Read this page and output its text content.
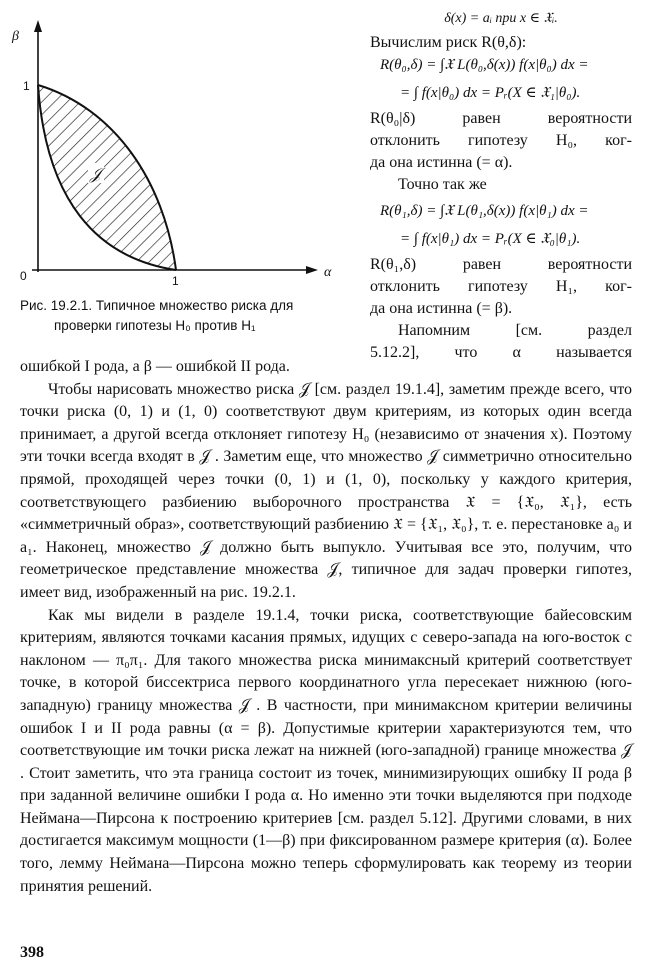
β
α
0
1
1
𝒥
Рис. 19.2.1. Типичное множество риска для
проверки гипотезы H₀ против H₁
δ(x) = aᵢ при x ∈ 𝔛ᵢ.
Вычислим риск R(θ,δ):
R(θ₀,δ) = ∫𝔛 L(θ₀,δ(x)) f(x|θ₀) dx =
= ∫ f(x|θ₀) dx = Pᵣ(X ∈ 𝔛₁|θ₀).
R(θ₀|δ) равен вероятности
отклонить гипотезу H₀, ког-
да она истинна (= α).
Точно так же
R(θ₁,δ) = ∫𝔛 L(θ₁,δ(x)) f(x|θ₁) dx =
= ∫ f(x|θ₁) dx = Pᵣ(X ∈ 𝔛₀|θ₁).
R(θ₁,δ) равен вероятности
отклонить гипотезу H₁, ког-
да она истинна (= β).
Напомним [см. раздел
5.12.2], что α называется

ошибкой I рода, а β — ошибкой II рода.

Чтобы нарисовать множество риска 𝒥 [см. раздел 19.1.4], заметим прежде всего, что точки риска (0, 1) и (1, 0) соответствуют двум критериям, из которых один всегда принимает, а другой всегда отклоняет гипотезу H₀ (независимо от значения x). Поэтому эти точки всегда входят в 𝒥 . Заметим еще, что множество 𝒥 симметрично относительно прямой, проходящей через точки (0, 1) и (1, 0), поскольку у каждого критерия, соответствующего разбиению выборочного пространства 𝔛 = {𝔛₀, 𝔛₁}, есть «симметричный образ», соответствующий разбиению 𝔛 = {𝔛₁, 𝔛₀}, т. е. перестановке a₀ и a₁. Наконец, множество 𝒥 должно быть выпукло. Учитывая все это, получим, что геометрическое представление множества 𝒥, типичное для задач проверки гипотез, имеет вид, изображенный на рис. 19.2.1.

Как мы видели в разделе 19.1.4, точки риска, соответствующие байесовским критериям, являются точками касания прямых, идущих с северо-запада на юго-восток с наклоном — π₀π₁. Для такого множества риска минимаксный критерий соответствует точке, в которой биссектриса первого координатного угла пересекает нижнюю (юго-западную) границу множества 𝒥 . В частности, при минимаксном критерии величины ошибок I и II рода равны (α = β). Допустимые критерии характеризуются тем, что соответствующие им точки риска лежат на нижней (юго-западной) границе множества 𝒥 . Стоит заметить, что эта граница состоит из точек, минимизирующих ошибку II рода β при заданной величине ошибки I рода α. Но именно эти точки выделяются при подходе Неймана—Пирсона к построению критериев [см. раздел 5.12]. Другими словами, в них достигается максимум мощности (1—β) при фиксированном размере критерия (α). Более того, лемму Неймана—Пирсона можно теперь сформулировать как теорему из теории принятия решений.

398
